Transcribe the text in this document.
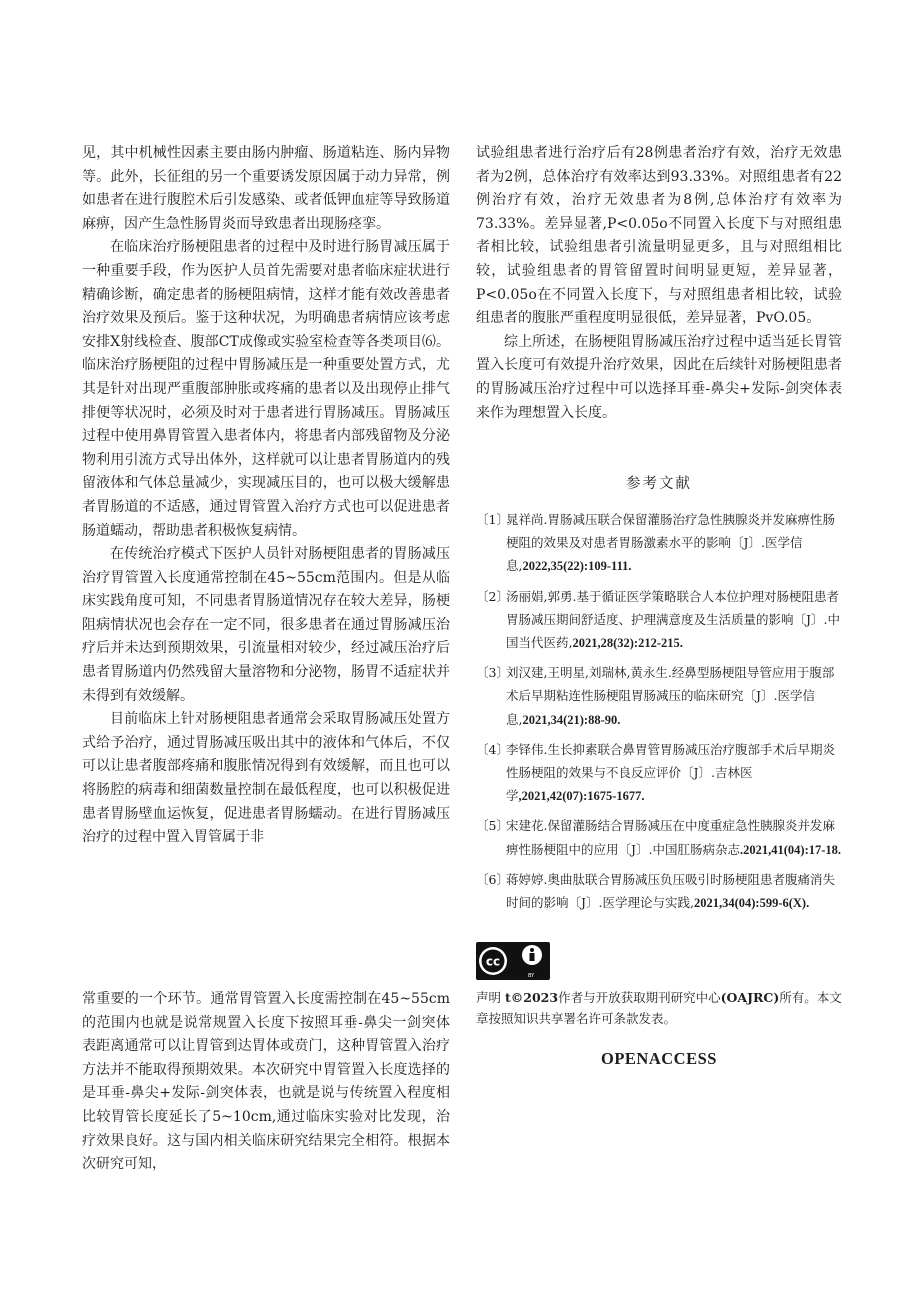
见，其中机械性因素主要由肠内肿瘤、肠道粘连、肠内异物等。此外，长征组的另一个重要诱发原因属于动力异常，例如患者在进行腹腔术后引发感染、或者低钾血症等导致肠道麻痹，因产生急性肠胃炎而导致患者出现肠痉挛。

在临床治疗肠梗阻患者的过程中及时进行肠胃减压属于一种重要手段，作为医护人员首先需要对患者临床症状进行精确诊断，确定患者的肠梗阻病情，这样才能有效改善患者治疗效果及预后。鉴于这种状况，为明确患者病情应该考虑安排X射线检查、腹部CT成像或实验室检查等各类项目⑹。临床治疗肠梗阻的过程中胃肠减压是一种重要处置方式，尤其是针对出现严重腹部肿胀或疼痛的患者以及出现停止排气排便等状况时，必须及时对于患者进行胃肠减压。胃肠减压过程中使用鼻胃管置入患者体内，将患者内部残留物及分泌物利用引流方式导出体外，这样就可以让患者胃肠道内的残留液体和气体总量减少，实现减压目的，也可以极大缓解患者胃肠道的不适感，通过胃管置入治疗方式也可以促进患者肠道蠕动，帮助患者积极恢复病情。

在传统治疗模式下医护人员针对肠梗阻患者的胃肠减压治疗胃管置入长度通常控制在45~55cm范围内。但是从临床实践角度可知，不同患者胃肠道情况存在较大差异，肠梗阻病情状况也会存在一定不同，很多患者在通过胃肠减压治疗后并未达到预期效果，引流量相对较少，经过减压治疗后患者胃肠道内仍然残留大量溶物和分泌物，肠胃不适症状并未得到有效缓解。

目前临床上针对肠梗阻患者通常会采取胃肠减压处置方式给予治疗，通过胃肠减压吸出其中的液体和气体后，不仅可以让患者腹部疼痛和腹胀情况得到有效缓解，而且也可以将肠腔的病毒和细菌数量控制在最低程度，也可以积极促进患者胃肠壁血运恢复，促进患者胃肠蠕动。在进行胃肠减压治疗的过程中置入胃管属于非

常重要的一个环节。通常胃管置入长度需控制在45~55cm的范围内也就是说常规置入长度下按照耳垂-鼻尖一剑突体表距离通常可以让胃管到达胃体或贲门，这种胃管置入治疗方法并不能取得预期效果。本次研究中胃管置入长度选择的是耳垂-鼻尖+发际-剑突体表，也就是说与传统置入程度相比较胃管长度延长了5~10cm,通过临床实验对比发现，治疗效果良好。这与国内相关临床研究结果完全相符。根据本次研究可知，

试验组患者进行治疗后有28例患者治疗有效，治疗无效患者为2例，总体治疗有效率达到93.33%。对照组患者有22例治疗有效，治疗无效患者为8例,总体治疗有效率为73.33%。差异显著,P<0.05o不同置入长度下与对照组患者相比较，试验组患者引流量明显更多，且与对照组相比较，试验组患者的胃管留置时间明显更短，差异显著，P<0.05o在不同置入长度下，与对照组患者相比较，试验组患者的腹胀严重程度明显很低，差异显著，PvO.05。

综上所述，在肠梗阻胃肠减压治疗过程中适当延长胃管置入长度可有效提升治疗效果，因此在后续针对肠梗阻患者的胃肠减压治疗过程中可以选择耳垂-鼻尖+发际-剑突体表来作为理想置入长度。

参考文献
〔1〕
晁祥尚.胃肠减压联合保留灌肠治疗急性胰腺炎并发麻痹性肠梗阻的效果及对患者胃肠激素水平的影响〔J〕.医学信息,2022,35(22):109-111.
〔2〕
汤丽娟,郭勇.基于循证医学策略联合人本位护理对肠梗阻患者胃肠减压期间舒适度、护理满意度及生活质量的影响〔J〕.中国当代医药,2021,28(32):212-215.
〔3〕
刘汉建,王明星,刘瑞林,黄永生.经鼻型肠梗阻导管应用于腹部术后早期粘连性肠梗阻胃肠减压的临床研究〔J〕.医学信息,2021,34(21):88-90.
〔4〕
李铎伟.生长抑素联合鼻胃管胃肠减压治疗腹部手术后早期炎性肠梗阻的效果与不良反应评价〔J〕.吉林医学,2021,42(07):1675-1677.
〔5〕
宋建花.保留灌肠结合胃肠减压在中度重症急性胰腺炎并发麻痹性肠梗阻中的应用〔J〕.中国肛肠病杂志.2021,41(04):17-18.
〔6〕
蒋婷婷.奥曲肽联合胃肠减压负压吸引时肠梗阻患者腹痛消失时间的影响〔J〕.医学理论与实践,2021,34(04):599-6(X).
cc
BY
声明 t©2023作者与开放获取期刊研究中心(OAJRC)所有。本文章按照知识共享署名许可条款发表。
OPENACCESS
